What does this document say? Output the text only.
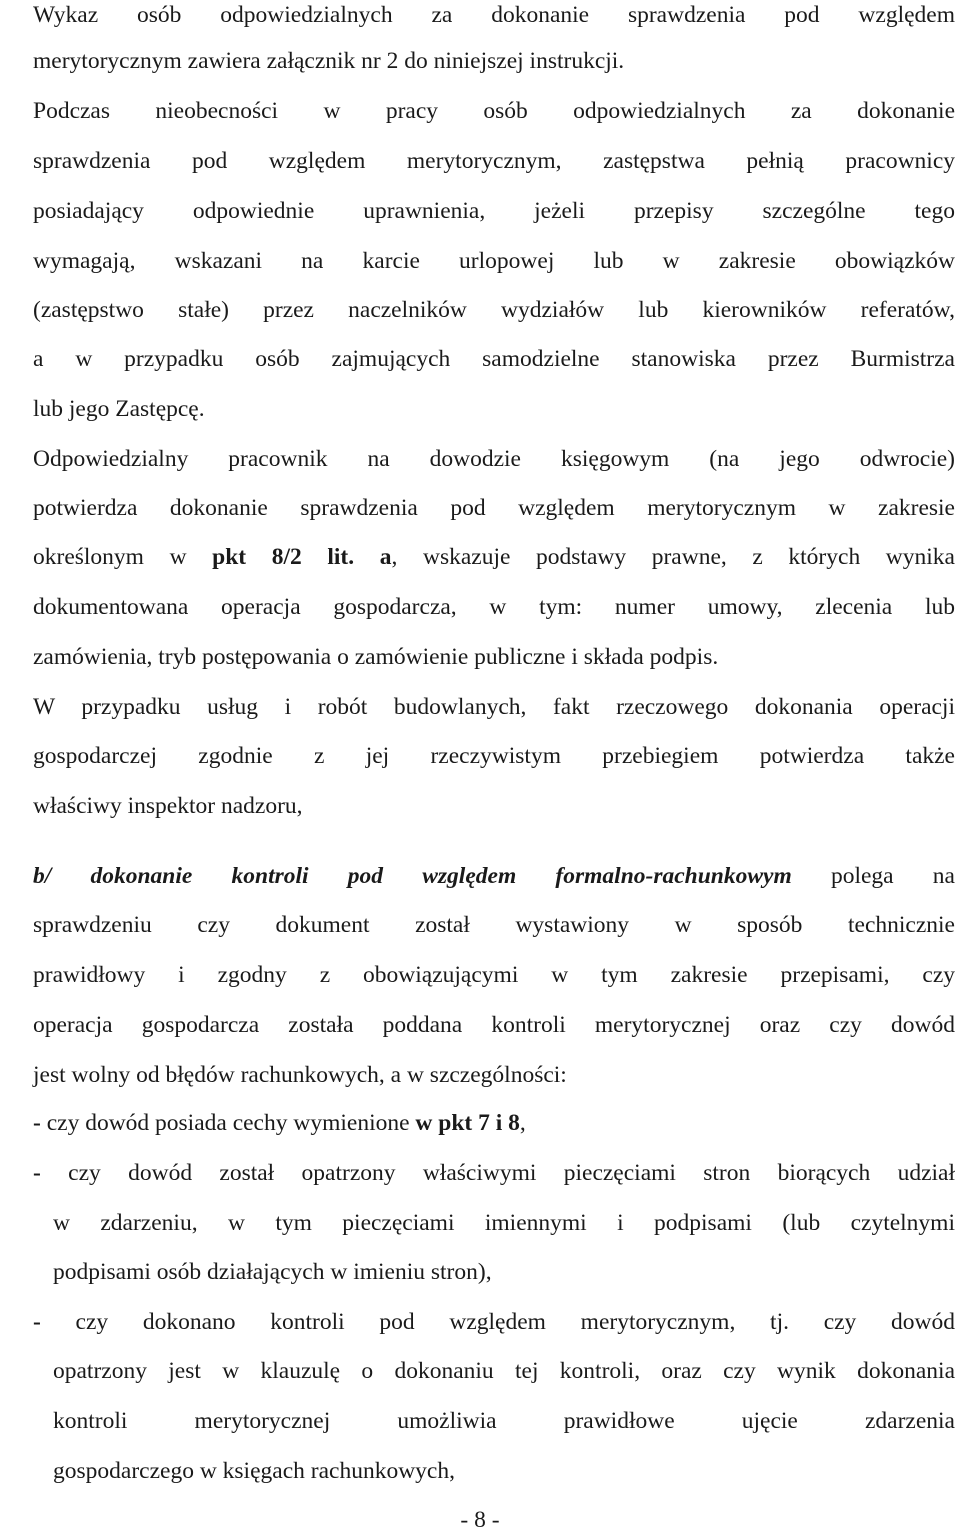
Wykaz osób odpowiedzialnych za dokonanie sprawdzenia pod względem
merytorycznym zawiera załącznik nr 2 do niniejszej instrukcji.
Podczas nieobecności w pracy osób odpowiedzialnych za dokonanie
sprawdzenia pod względem merytorycznym, zastępstwa pełnią pracownicy
posiadający odpowiednie uprawnienia, jeżeli przepisy szczególne tego
wymagają, wskazani na karcie urlopowej lub w zakresie obowiązków
(zastępstwo stałe) przez naczelników wydziałów lub kierowników referatów,
a w przypadku osób zajmujących samodzielne stanowiska przez Burmistrza
lub jego Zastępcę.
Odpowiedzialny pracownik na dowodzie księgowym (na jego odwrocie)
potwierdza dokonanie sprawdzenia pod względem merytorycznym w zakresie
określonym w pkt 8/2 lit. a, wskazuje podstawy prawne, z których wynika
dokumentowana operacja gospodarcza, w tym: numer umowy, zlecenia lub
zamówienia, tryb postępowania o zamówienie publiczne i składa podpis.
W przypadku usług i robót budowlanych, fakt rzeczowego dokonania operacji
gospodarczej zgodnie z jej rzeczywistym przebiegiem potwierdza także
właściwy inspektor nadzoru,
b/ dokonanie kontroli pod względem formalno-rachunkowym polega na
sprawdzeniu czy dokument został wystawiony w sposób technicznie
prawidłowy i zgodny z obowiązującymi w tym zakresie przepisami, czy
operacja gospodarcza została poddana kontroli merytorycznej oraz czy dowód
jest wolny od błędów rachunkowych, a w szczególności:
- czy dowód posiada cechy wymienione w pkt 7 i 8,
- czy dowód został opatrzony właściwymi pieczęciami stron biorących udział
w zdarzeniu, w tym pieczęciami imiennymi i podpisami (lub czytelnymi
podpisami osób działających w imieniu stron),
- czy dokonano kontroli pod względem merytorycznym, tj. czy dowód
opatrzony jest w klauzulę o dokonaniu tej kontroli, oraz czy wynik dokonania
kontroli merytorycznej umożliwia prawidłowe ujęcie zdarzenia
gospodarczego w księgach rachunkowych,
- 8 -
